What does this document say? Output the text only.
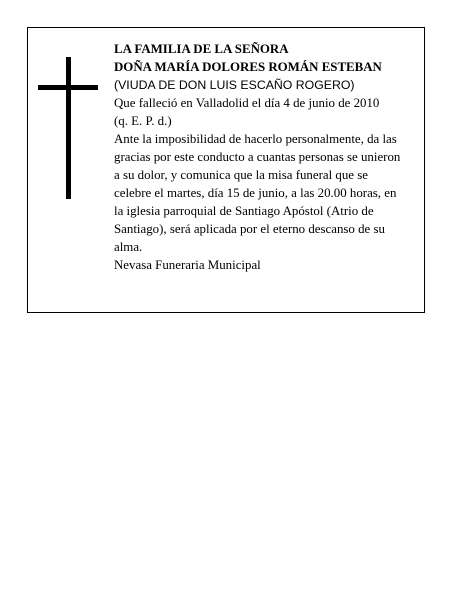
LA FAMILIA DE LA SEÑORA
DOÑA MARÍA DOLORES ROMÁN ESTEBAN
(VIUDA DE DON LUIS ESCAÑO ROGERO)
Que falleció en Valladolid el día 4 de junio de 2010
(q. E. P. d.)
Ante la imposibilidad de hacerlo personalmente, da las
gracias por este conducto a cuantas personas se unieron
a su dolor, y comunica que la misa funeral que se
celebre el martes, día 15 de junio, a las 20.00 horas, en
la iglesia parroquial de Santiago Apóstol (Atrio de
Santiago), será aplicada por el eterno descanso de su
alma.
Nevasa Funeraria Municipal
